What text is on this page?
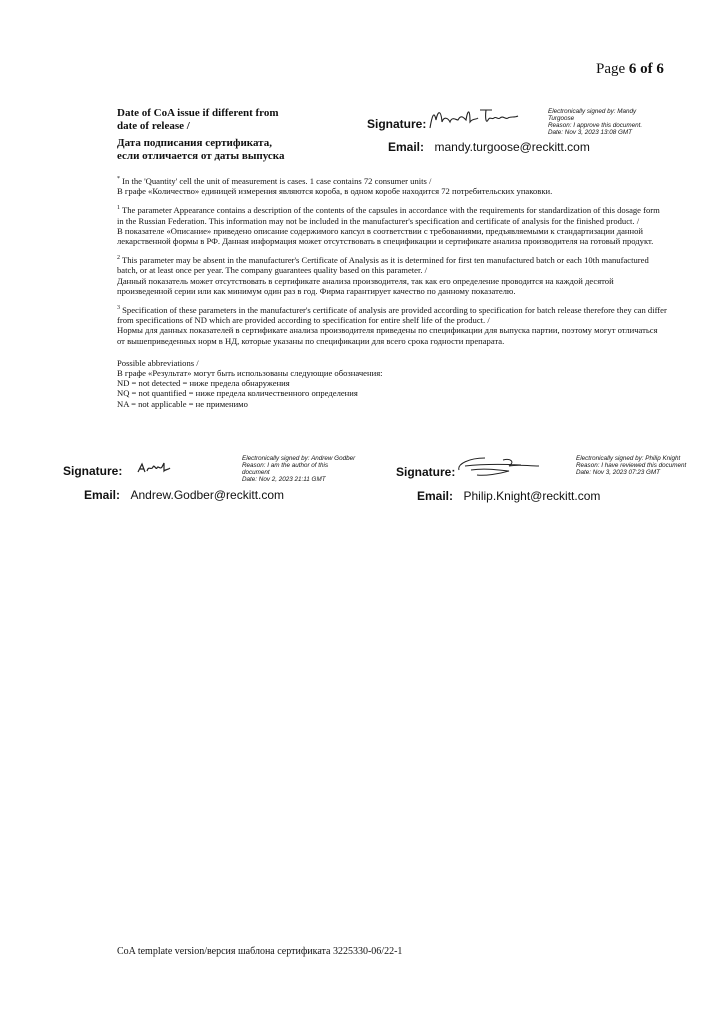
Page 6 of 6
Date of CoA issue if different from
date of release /
Дата подписания сертификата,
если отличается от даты выпуска
Signature:
Electronically signed by: Mandy
Turgoose
Reason: I approve this document.
Date: Nov 3, 2023 13:08 GMT
Email: mandy.turgoose@reckitt.com

* In the 'Quantity' cell the unit of measurement is cases. 1 case contains 72 consumer units /
В графе «Количество» единицей измерения являются короба, в одном коробе находится 72 потребительских упаковки.

$^1$ The parameter Appearance contains a description of the contents of the capsules in accordance with the requirements for standardization of this dosage form in the Russian Federation. This information may not be included in the manufacturer's specification and certificate of analysis for the finished product. /
В показателе «Описание» приведено описание содержимого капсул в соответствии с требованиями, предъявляемыми к стандартизации данной лекарственной формы в РФ. Данная информация может отсутствовать в спецификации и сертификате анализа производителя на готовый продукт.

$^2$ This parameter may be absent in the manufacturer's Certificate of Analysis as it is determined for first ten manufactured batch or each 10th manufactured batch, or at least once per year. The company guarantees quality based on this parameter. /
Данный показатель может отсутствовать в сертификате анализа производителя, так как его определение проводится на каждой десятой произведенной серии или как минимум один раз в год. Фирма гарантирует качество по данному показателю.

$^3$ Specification of these parameters in the manufacturer's certificate of analysis are provided according to specification for batch release therefore they can differ from specifications of ND which are provided according to specification for entire shelf life of the product. /
Нормы для данных показателей в сертификате анализа производителя приведены по спецификации для выпуска партии, поэтому могут отличаться от вышеприведенных норм в НД, которые указаны по спецификации для всего срока годности препарата.

Possible abbreviations /
В графе «Результат» могут быть использованы следующие обозначения:
ND = not detected = ниже предела обнаружения
NQ = not quantified = ниже предела количественного определения
NA = not applicable = не применимо

Signature:
Electronically signed by: Andrew Godber
Reason: I am the author of this
document
Date: Nov 2, 2023 21:11 GMT
Email: Andrew.Godber@reckitt.com
Signature:
Electronically signed by: Philip Knight
Reason: I have reviewed this document
Date: Nov 3, 2023 07:23 GMT
Email: Philip.Knight@reckitt.com
CoA template version/версия шаблона сертификата 3225330-06/22-1
